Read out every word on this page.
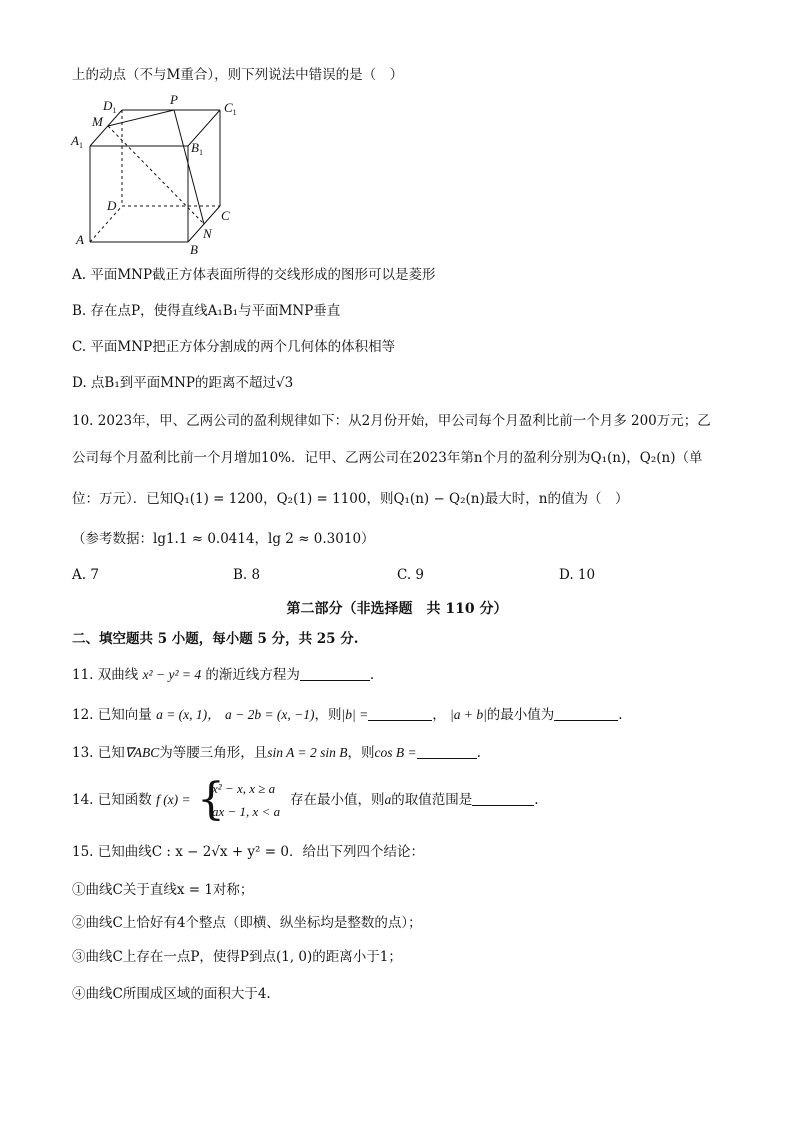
上的动点（不与M重合），则下列说法中错误的是（　）
$D_1$
P
$C_1$
M
$A_1$	$B_1$
D
C
N
A
B
A. 平面MNP截正方体表面所得的交线形成的图形可以是菱形
B. 存在点P，使得直线A₁B₁与平面MNP垂直
C. 平面MNP把正方体分割成的两个几何体的体积相等
D. 点B₁到平面MNP的距离不超过√3
10. 2023年，甲、乙两公司的盈利规律如下：从2月份开始，甲公司每个月盈利比前一个月多 200万元；乙
公司每个月盈利比前一个月增加10%．记甲、乙两公司在2023年第n个月的盈利分别为Q₁(n)，Q₂(n)（单
位：万元）．已知Q₁(1) = 1200，Q₂(1) = 1100，则Q₁(n) − Q₂(n)最大时，n的值为（　）
（参考数据：lg1.1 ≈ 0.0414，lg 2 ≈ 0.3010）
A. 7	B. 8	C. 9	D. 10
第二部分（非选择题　共 110 分）
二、填空题共 5 小题，每小题 5 分，共 25 分.
11. 双曲线 x² − y² = 4 的渐近线方程为	.
12. 已知向量 a = (x, 1)， a − 2b = (x, −1)，则|b| =	， |a + b|的最小值为	.
13. 已知∇ABC为等腰三角形，且sin A = 2 sin B，则cos B =	.
14. 已知函数 f (x) = {
x² − x, x ≥ a
ax − 1, x < a
存在最小值，则a的取值范围是	.
15. 已知曲线C : x − 2√x + y² = 0．给出下列四个结论：
①曲线C关于直线x = 1对称；
②曲线C上恰好有4个整点（即横、纵坐标均是整数的点）；
③曲线C上存在一点P，使得P到点(1, 0)的距离小于1；
④曲线C所围成区域的面积大于4.
